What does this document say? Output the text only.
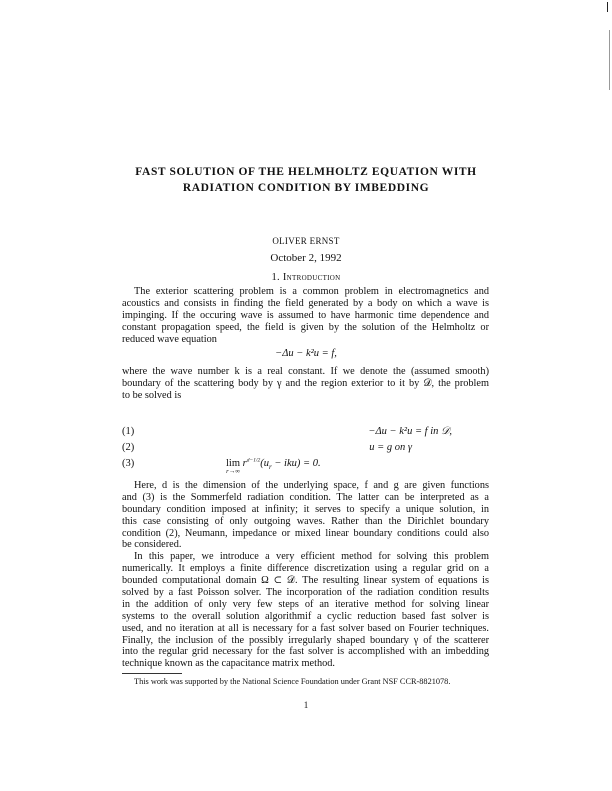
FAST SOLUTION OF THE HELMHOLTZ EQUATION WITH
RADIATION CONDITION BY IMBEDDING
OLIVER ERNST
October 2, 1992
1. Introduction
The exterior scattering problem is a common problem in electromagnetics and
acoustics and consists in finding the field generated by a body on which a wave is
impinging. If the occuring wave is assumed to have harmonic time dependence and
constant propagation speed, the field is given by the solution of the Helmholtz or
reduced wave equation
−Δu − k²u = f,
where the wave number k is a real constant. If we denote the (assumed smooth)
boundary of the scattering body by γ and the region exterior to it by 𝒟, the problem
to be solved is
(1)	−Δu − k²u = f in 𝒟,
(2)	u = g on γ
(3)	lim
r→∞
$r^{d-1/2}(u_r - iku) = 0$.
Here, d is the dimension of the underlying space, f and g are given functions
and (3) is the Sommerfeld radiation condition. The latter can be interpreted as a
boundary condition imposed at infinity; it serves to specify a unique solution, in
this case consisting of only outgoing waves. Rather than the Dirichlet boundary
condition (2), Neumann, impedance or mixed linear boundary conditions could also
be considered.
In this paper, we introduce a very efficient method for solving this problem
numerically. It employs a finite difference discretization using a regular grid on a
bounded computational domain Ω ⊂ 𝒟. The resulting linear system of equations is
solved by a fast Poisson solver. The incorporation of the radiation condition results
in the addition of only very few steps of an iterative method for solving linear
systems to the overall solution algorithmif a cyclic reduction based fast solver is
used, and no iteration at all is necessary for a fast solver based on Fourier techniques.
Finally, the inclusion of the possibly irregularly shaped boundary γ of the scatterer
into the regular grid necessary for the fast solver is accomplished with an imbedding
technique known as the capacitance matrix method.
This work was supported by the National Science Foundation under Grant NSF CCR-8821078.
1
